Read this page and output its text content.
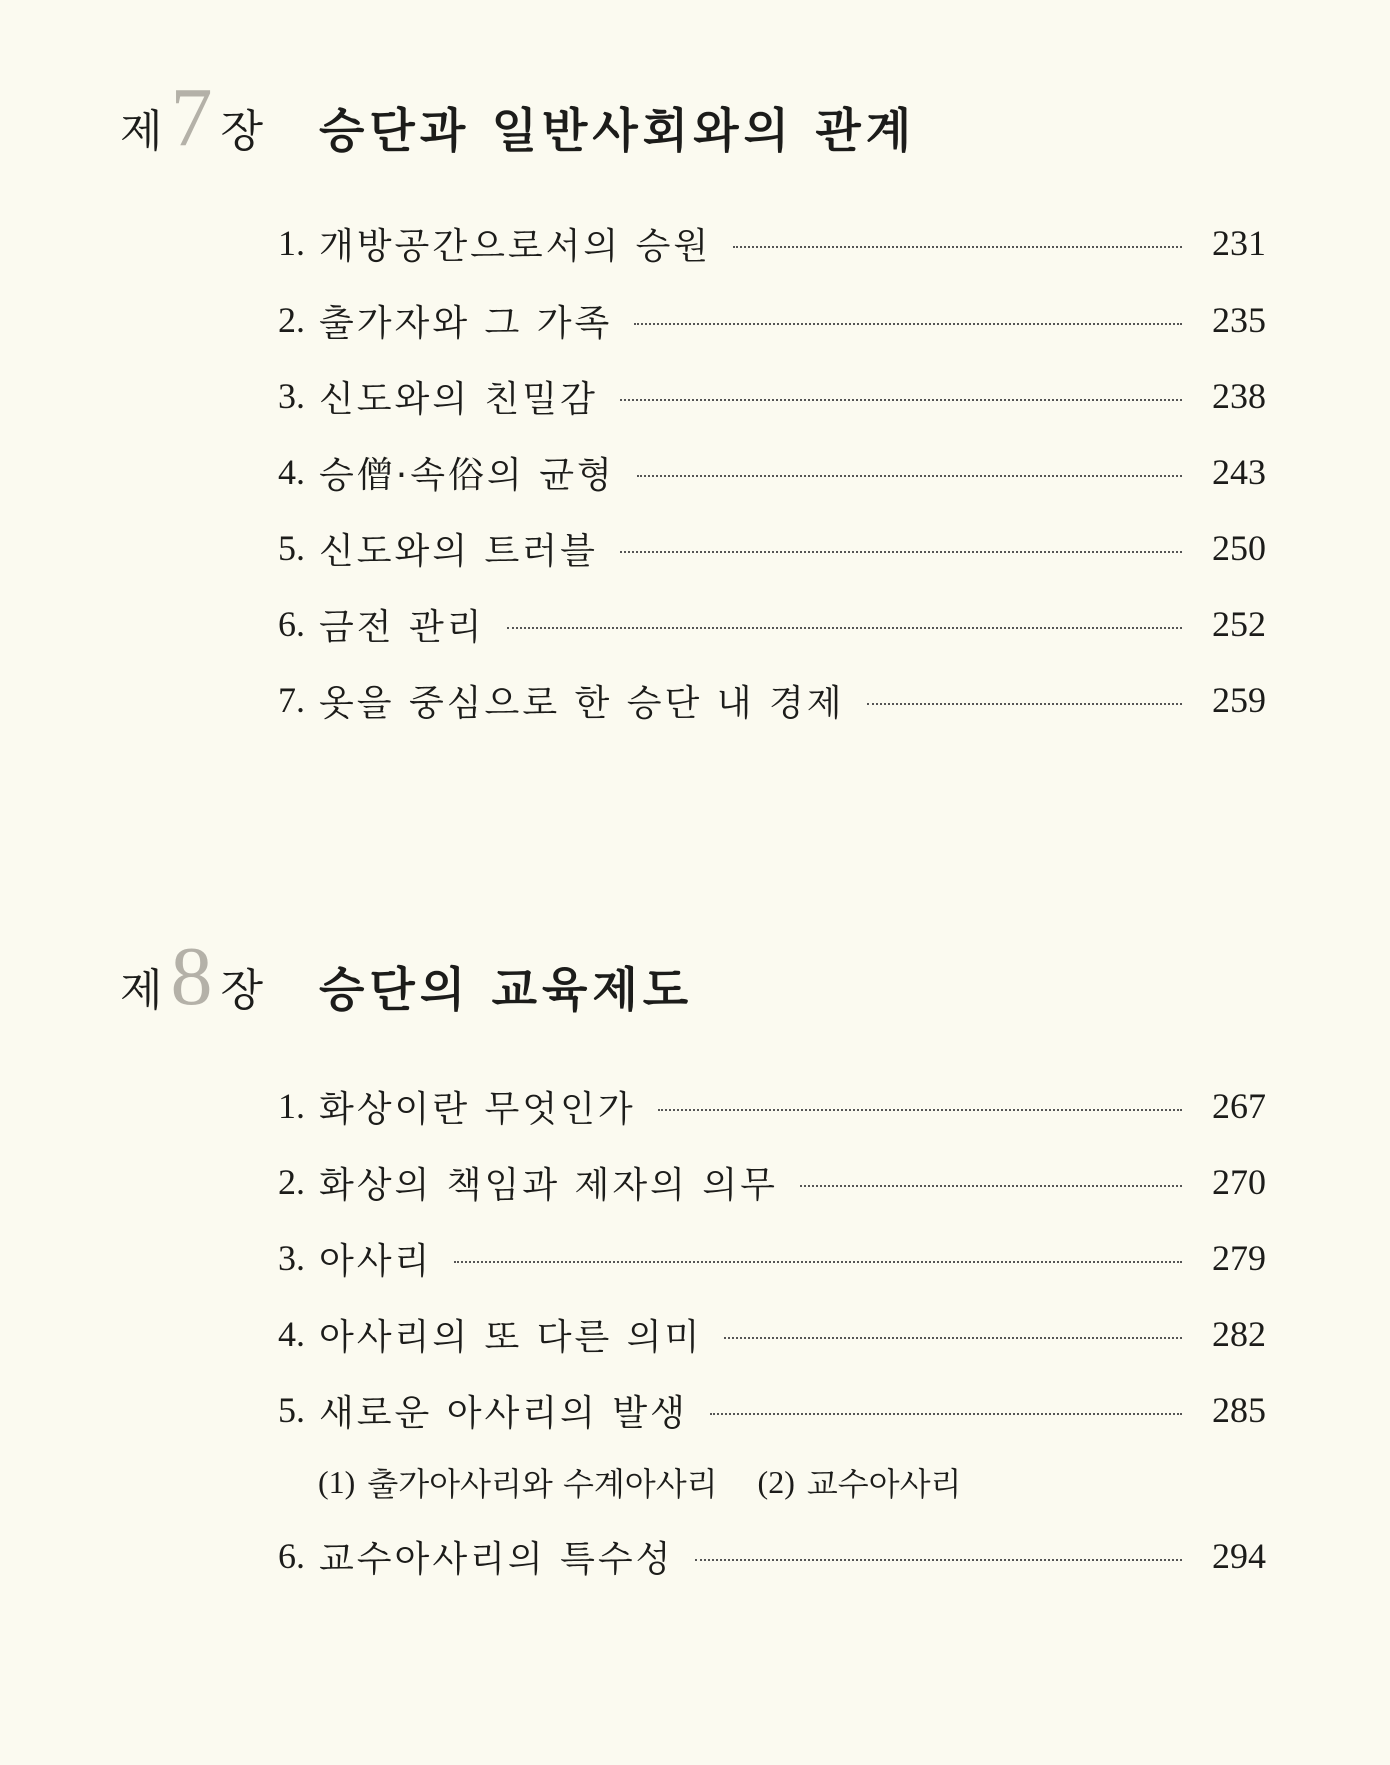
제 7 장 승단과 일반사회와의 관계
1. 개방공간으로서의 승원	231
2. 출가자와 그 가족	235
3. 신도와의 친밀감	238
4. 승僧·속俗의 균형	243
5. 신도와의 트러블	250
6. 금전 관리	252
7. 옷을 중심으로 한 승단 내 경제	259
제 8 장 승단의 교육제도
1. 화상이란 무엇인가	267
2. 화상의 책임과 제자의 의무	270
3. 아사리	279
4. 아사리의 또 다른 의미	282
5. 새로운 아사리의 발생	285
(1) 출가아사리와 수계아사리 (2) 교수아사리
6. 교수아사리의 특수성	294
